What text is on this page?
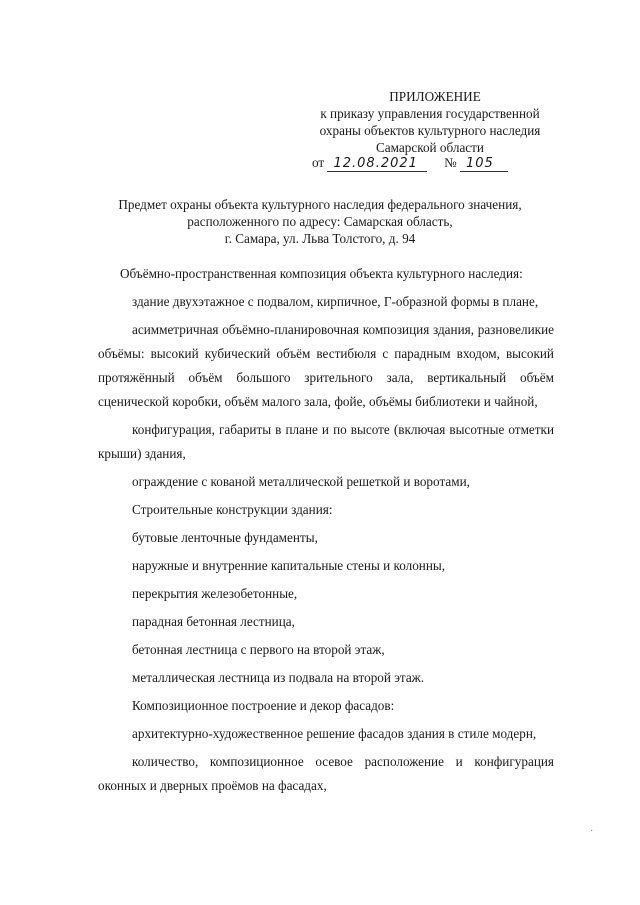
ПРИЛОЖЕНИЕ
к приказу управления государственной
охраны объектов культурного наследия
Самарской области
от 12.08.2021 № 105
Предмет охраны объекта культурного наследия федерального значения,
расположенного по адресу: Самарская область,
г. Самара, ул. Льва Толстого, д. 94

Объёмно-пространственная композиция объекта культурного наследия:

здание двухэтажное с подвалом, кирпичное, Г-образной формы в плане,

асимметричная объёмно-планировочная композиция здания, разновеликие объёмы: высокий кубический объём вестибюля с парадным входом, высокий протяжённый объём большого зрительного зала, вертикальный объём сценической коробки, объём малого зала, фойе, объёмы библиотеки и чайной,

конфигурация, габариты в плане и по высоте (включая высотные отметки крыши) здания,

ограждение с кованой металлической решеткой и воротами,

Строительные конструкции здания:

бутовые ленточные фундаменты,

наружные и внутренние капитальные стены и колонны,

перекрытия железобетонные,

парадная бетонная лестница,

бетонная лестница с первого на второй этаж,

металлическая лестница из подвала на второй этаж.

Композиционное построение и декор фасадов:

архитектурно-художественное решение фасадов здания в стиле модерн,

количество, композиционное осевое расположение и конфигурация оконных и дверных проёмов на фасадах,

·
